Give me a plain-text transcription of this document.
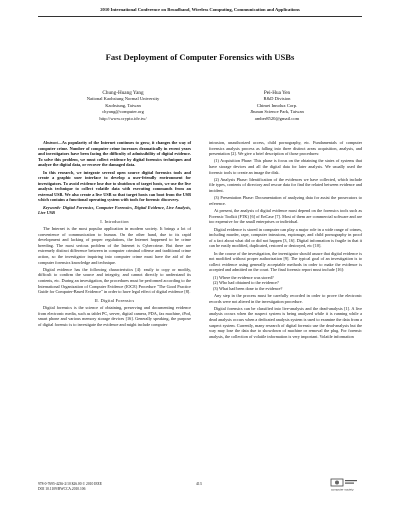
2010 International Conference on Broadband, Wireless Computing, Communication and Applications
Fast Deployment of Computer Forensics with USBs
Chung-Huang Yang
National Kaohsiung Normal University
Kaohsiung, Taiwan
chyang@computer.org
http://www.crypto.idv.tw/
Pei-Hua Yen
R&D Division
Chimei Innolux Corp.
Jhunan Science Park, Taiwan
amber8520@gmail.com

Abstract—As popularity of the Internet continues to grow, it changes the way of computer crime. Number of computer crime increases dramatically in recent years and investigators have been facing the difficulty of admissibility of digital evidence. To solve this problem, we must collect evidence by digital forensics techniques and analyze the digital data, or recover the damaged data.

In this research, we integrate several open source digital forensics tools and create a graphic user interface to develop a user-friendly environment for investigators. To avoid evidence lose due to shutdown of target hosts, we use the live analysis technique to collect volatile data with executing commands from an external USB. We also create a live USB so that target hosts can boot from the USB which contains a functional operating system with tools for forensic discovery.

Keywords- Digital Forensics, Computer Forensics, Digital Evidence, Live Analysis, Live USB

I. Introduction

The Internet is the most popular application in modern society. It brings a lot of convenience of communication to human. On the other hand, due to its rapid development and lacking of proper regulations, the Internet happened to be crime breeding. The most serious problem of the Internet is Cybercrime. But there are extremely distinct difference between in computer criminal offense and traditional crime action, so the investigator inquiring into computer crime must have the aid of the computer forensics knowledge and technique.

Digital evidence has the following characteristics [4]: easily to copy or modify, difficult to confirm the source and integrity, and cannot directly to understand its contents, etc. During an investigation, the procedures must be performed according to the International Organization of Computer Evidence (IOCE) Procedure "The Good Practice Guide for Computer-Based Evidence" in order to have legal effect of digital evidence [8].

II. Digital Forensics

Digital forensics is the science of obtaining, preserving and documenting evidence from electronic media, such as tablet PC, server, digital camera, PDA, fax machine, iPod, smart phone and various memory storage devices [16]. Generally speaking, the purpose of digital forensic is to investigate the evidence and might include computer

intrusion, unauthorized access, child pornography, etc. Fundamentals of computer forensics analysis process as falling into three distinct areas acquisition, analysis, and presentation [2]. We give a brief description of those procedures:

(1) Acquisition Phase: This phase is focus on the obtaining the states of systems that have storage devices and all the digital data for later analysis. We usually used the forensic tools to create an image the disk.

(2) Analysis Phase: Identification of the evidences we have collected, which include file types, contents of directory and rescue data for find the related between evidence and incident.

(3) Presentation Phase: Documentation of analyzing data for assist the prosecutors to reference.

At present, the analysis of digital evidence must depend on the forensics tools such as Forensic Toolkit (FTK) [6] of EnCase [7]. Most of them are commercial software and are too expensive for the small enterprises or individual.

Digital evidence is stored in computer can play a major role in a wide range of crimes, including murder, rape, computer intrusions, espionage, and child pornography in proof of a fact about what did or did not happen [3, 16]. Digital information is fragile in that it can be easily modified, duplicated, restored or destroyed, etc [10].

In the course of the investigation, the investigator should assure that digital evidence is not modified without proper authorization [9]. The typical goal of an investigation is to collect evidence using generally acceptable methods in order to make the evidence is accepted and admitted on the court. The final forensic report must include [16]:

(1) Where the evidence was stored?
(2) Who had obtained to the evidence?
(3) What had been done to the evidence?

Any step in the process must be carefully recorded in order to prove the electronic records were not altered in the investigation procedure.

Digital forensics can be classified into live-analysis and the dead-analysis [1]. A live analysis occurs when the suspect system is being analyzed while it is running while a dead analysis occurs when a dedicated analysis system is used to examine the data from a suspect system. Currently, many research of digital forensic use the dead-analysis but the way may lose the data due to showdown of machine or removal the plug. For forensic analysis, the collection of volatile information is very important. Volatile information

978-0-7695-4236-2/10 $26.00 © 2010 IEEE
DOI 10.1109/BWCCA.2010.106
413
computer society
